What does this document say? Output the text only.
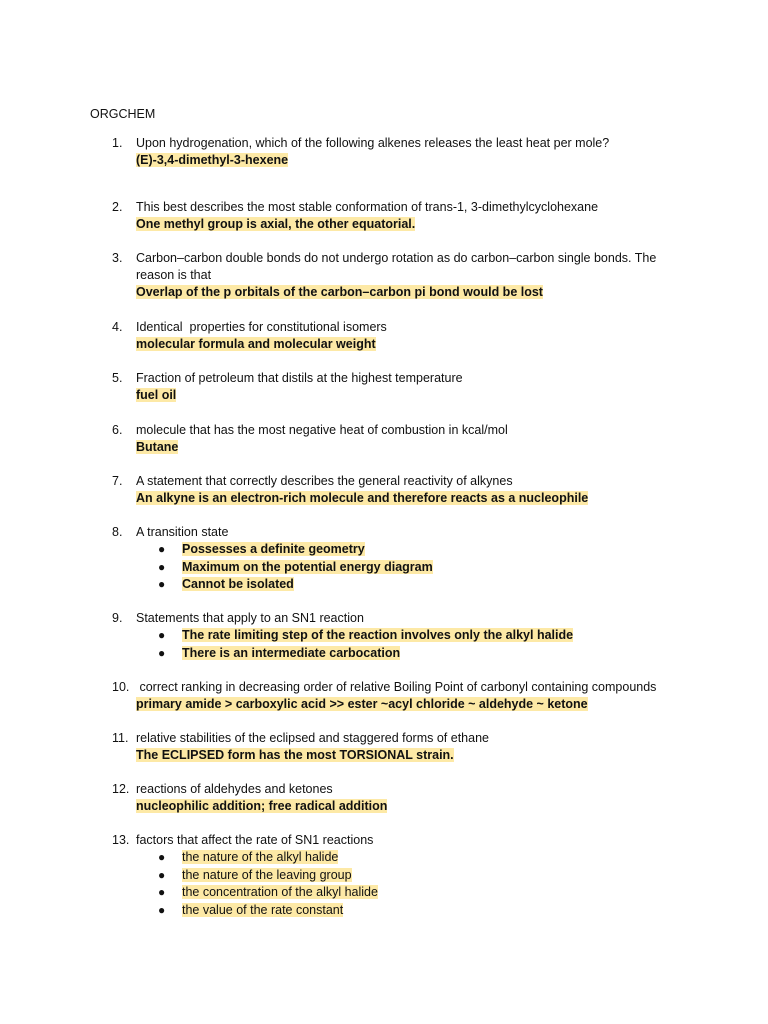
ORGCHEM
1.	Upon hydrogenation, which of the following alkenes releases the least heat per mole?
(E)-3,4-dimethyl-3-hexene
2.	This best describes the most stable conformation of trans-1, 3-dimethylcyclohexane
One methyl group is axial, the other equatorial.
3.	Carbon–carbon double bonds do not undergo rotation as do carbon–carbon single bonds. The
reason is that
Overlap of the p orbitals of the carbon–carbon pi bond would be lost
4.	Identical  properties for constitutional isomers
molecular formula and molecular weight
5.	Fraction of petroleum that distils at the highest temperature
fuel oil
6.	molecule that has the most negative heat of combustion in kcal/mol
Butane
7.	A statement that correctly describes the general reactivity of alkynes
An alkyne is an electron-rich molecule and therefore reacts as a nucleophile
8.	A transition state
● Possesses a definite geometry
● Maximum on the potential energy diagram
● Cannot be isolated
9.	Statements that apply to an SN1 reaction
● The rate limiting step of the reaction involves only the alkyl halide
● There is an intermediate carbocation
10. correct ranking in decreasing order of relative Boiling Point of carbonyl containing compounds
primary amide > carboxylic acid >> ester ~acyl chloride ~ aldehyde ~ ketone
11. relative stabilities of the eclipsed and staggered forms of ethane
The ECLIPSED form has the most TORSIONAL strain.
12. reactions of aldehydes and ketones
nucleophilic addition; free radical addition
13. factors that affect the rate of SN1 reactions
● the nature of the alkyl halide
● the nature of the leaving group
● the concentration of the alkyl halide
● the value of the rate constant
